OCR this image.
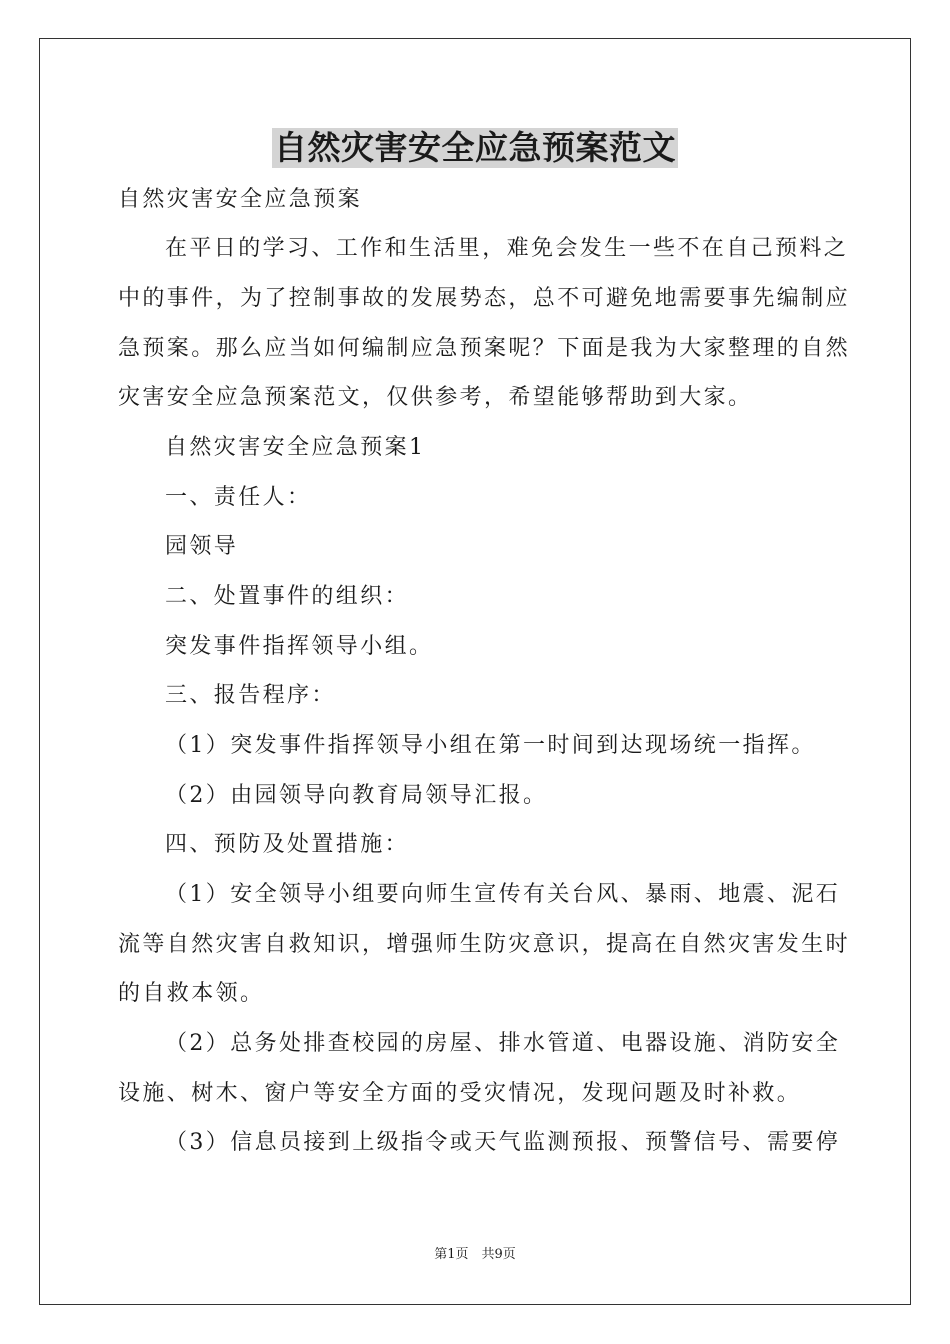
自然灾害安全应急预案范文
自然灾害安全应急预案
在平日的学习、工作和生活里，难免会发生一些不在自己预料之
中的事件，为了控制事故的发展势态，总不可避免地需要事先编制应
急预案。那么应当如何编制应急预案呢？下面是我为大家整理的自然
灾害安全应急预案范文，仅供参考，希望能够帮助到大家。
自然灾害安全应急预案1
一、责任人：
园领导
二、处置事件的组织：
突发事件指挥领导小组。
三、报告程序：
（1）突发事件指挥领导小组在第一时间到达现场统一指挥。
（2）由园领导向教育局领导汇报。
四、预防及处置措施：
（1）安全领导小组要向师生宣传有关台风、暴雨、地震、泥石
流等自然灾害自救知识，增强师生防灾意识，提高在自然灾害发生时
的自救本领。
（2）总务处排查校园的房屋、排水管道、电器设施、消防安全
设施、树木、窗户等安全方面的受灾情况，发现问题及时补救。
（3）信息员接到上级指令或天气监测预报、预警信号、需要停
第1页　共9页
